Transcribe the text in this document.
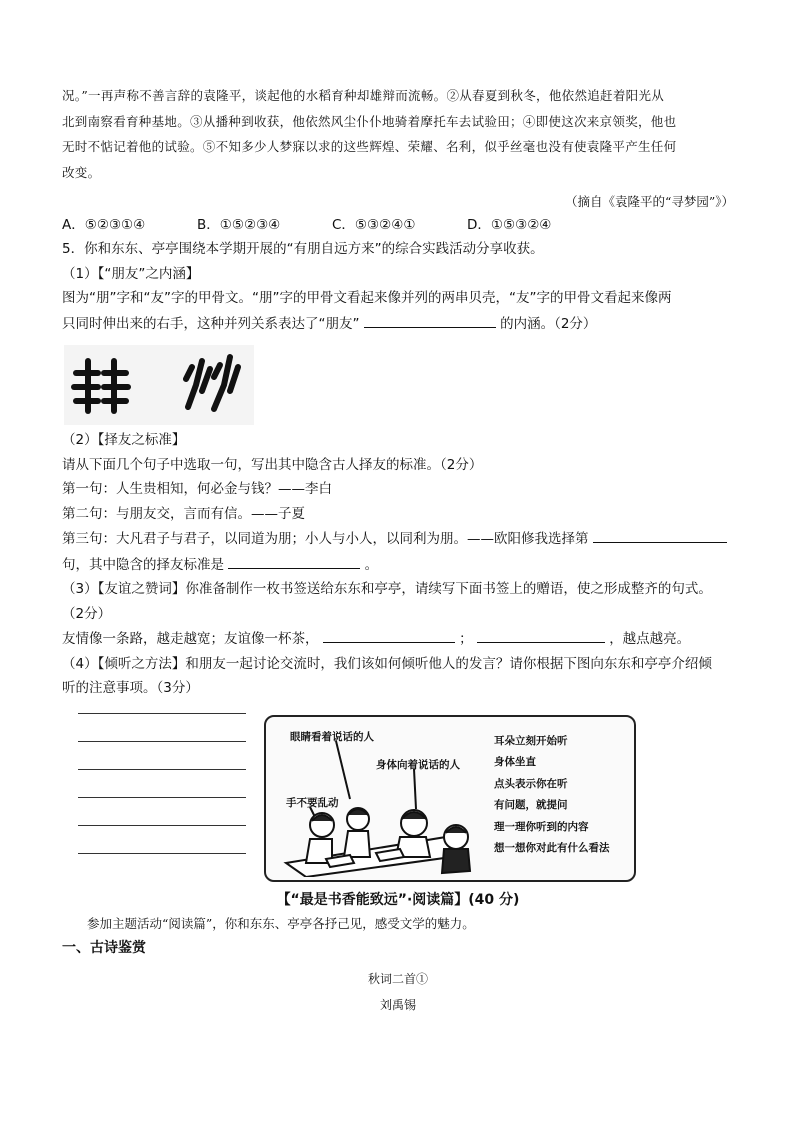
况。”一再声称不善言辞的袁隆平，谈起他的水稻育种却雄辩而流畅。②从春夏到秋冬，他依然追赶着阳光从

北到南察看育种基地。③从播种到收获，他依然风尘仆仆地骑着摩托车去试验田；④即使这次来京领奖，他也

无时不惦记着他的试验。⑤不知多少人梦寐以求的这些辉煌、荣耀、名利，似乎丝毫也没有使袁隆平产生任何

改变。

（摘自《袁隆平的“寻梦园”》）
A．⑤②③①④	B．①⑤②③④	C．⑤③②④①	D．①⑤③②④

5．你和东东、亭亭围绕本学期开展的“有朋自远方来”的综合实践活动分享收获。

（1）【“朋友”之内涵】

图为“朋”字和“友”字的甲骨文。“朋”字的甲骨文看起来像并列的两串贝壳，“友”字的甲骨文看起来像两

只同时伸出来的右手，这种并列关系表达了“朋友”	的内涵。（2分）

（2）【择友之标准】

请从下面几个句子中选取一句，写出其中隐含古人择友的标准。（2分）

第一句：人生贵相知，何必金与钱？——李白

第二句：与朋友交，言而有信。——子夏

第三句：大凡君子与君子，以同道为朋；小人与小人，以同利为朋。——欧阳修我选择第

句，其中隐含的择友标准是	。

（3）【友谊之赞词】你准备制作一枚书签送给东东和亭亭，请续写下面书签上的赠语，使之形成整齐的句式。

（2分）

友情像一条路，越走越宽；友谊像一杯茶，	；	，越点越亮。

（4）【倾听之方法】和朋友一起讨论交流时，我们该如何倾听他人的发言？请你根据下图向东东和亭亭介绍倾

听的注意事项。（3分）

眼睛看着说话的人
身体向着说话的人
手不要乱动
耳朵立刻开始听
身体坐直
点头表示你在听
有问题，就提问
理一理你听到的内容
想一想你对此有什么看法
【“最是书香能致远”·阅读篇】(40 分)
参加主题活动“阅读篇”，你和东东、亭亭各抒己见，感受文学的魅力。
一、古诗鉴赏
秋词二首①
刘禹锡
